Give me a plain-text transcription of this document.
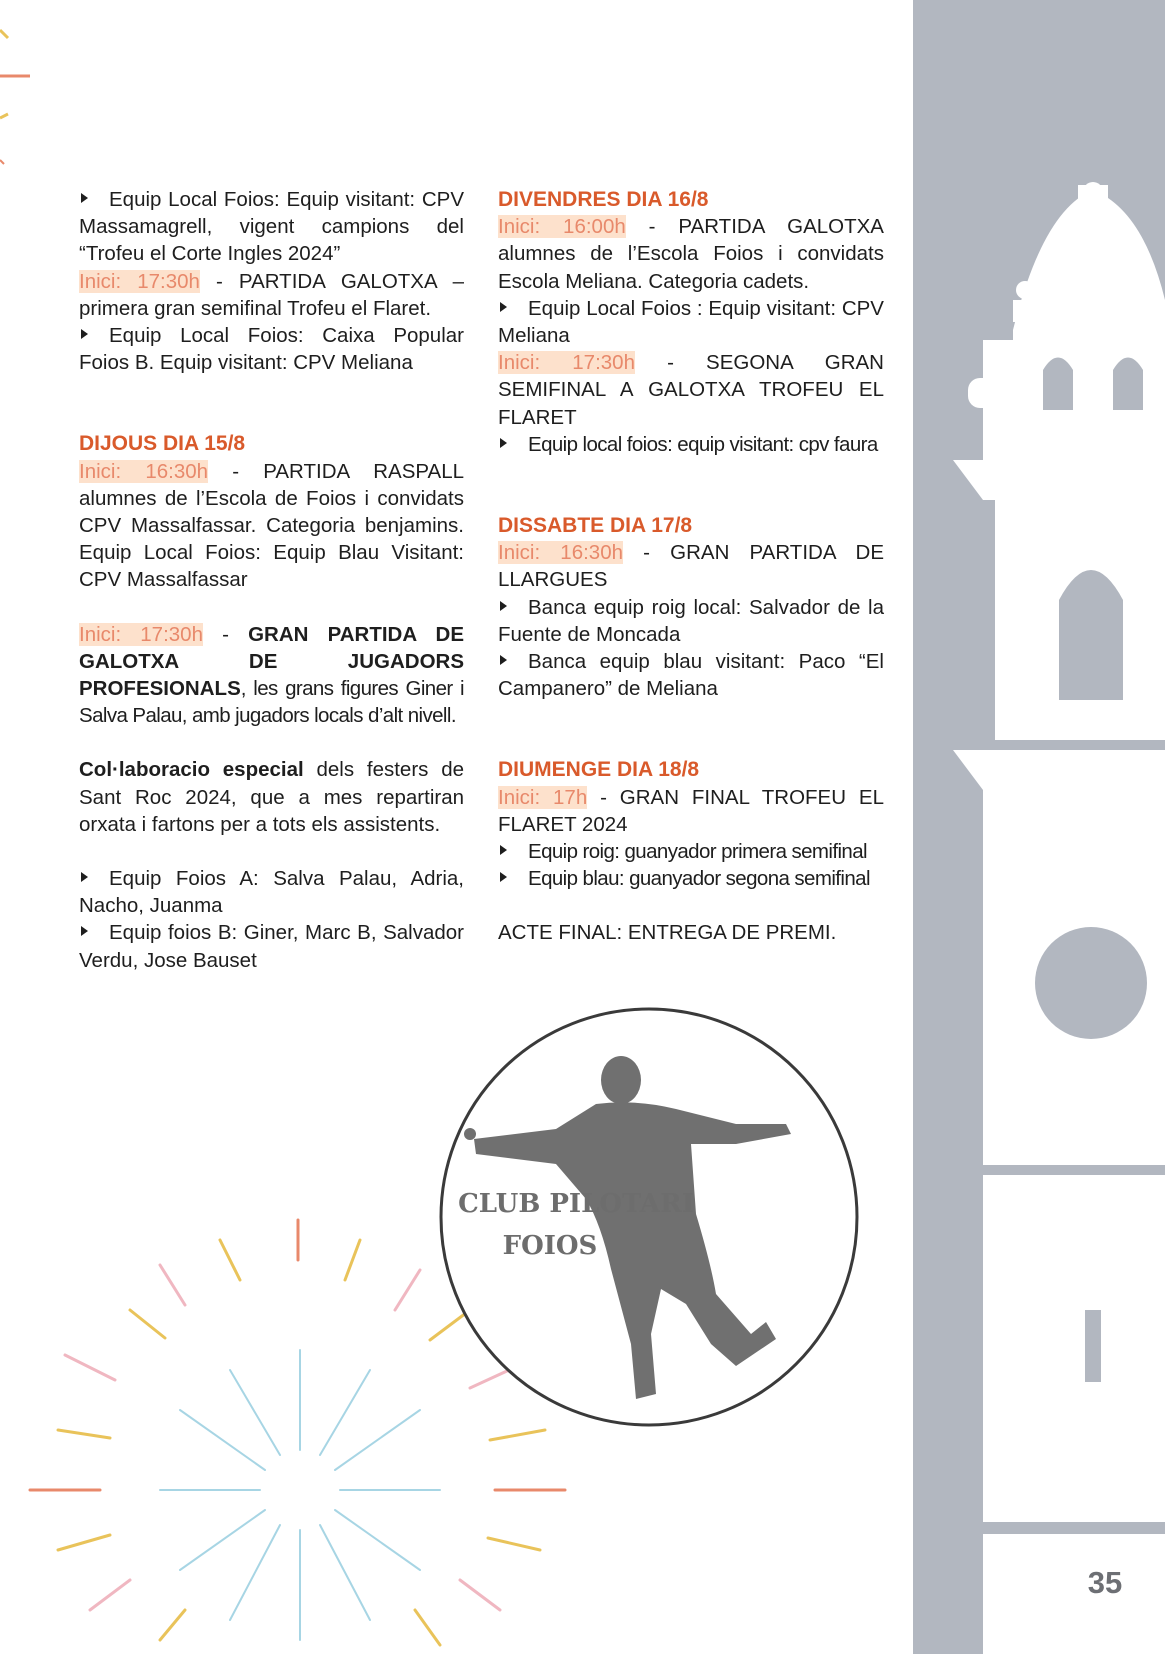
Equip Local Foios: Equip visitant: CPV Massamagrell, vigent campions del “Trofeu el Corte Ingles 2024”

Inici: 17:30h - PARTIDA GALOTXA – primera gran semifinal Trofeu el Flaret.

Equip Local Foios: Caixa Popular Foios B. Equip visitant: CPV Meliana

DIJOUS DIA 15/8

Inici: 16:30h - PARTIDA RASPALL alumnes de l’Escola de Foios i convidats CPV Massalfassar. Categoria benjamins. Equip Local Foios: Equip Blau Visitant: CPV Massalfassar

Inici: 17:30h - GRAN PARTIDA DE GALOTXA DE JUGADORS PROFESIONALS, les grans figures Giner i Salva Palau, amb jugadors locals d’alt nivell.

Col·laboracio especial dels festers de Sant Roc 2024, que a mes repartiran orxata i fartons per a tots els assistents.

Equip Foios A: Salva Palau, Adria, Nacho, Juanma

Equip foios B: Giner, Marc B, Salvador Verdu, Jose Bauset

DIVENDRES DIA 16/8

Inici: 16:00h - PARTIDA GALOTXA alumnes de l’Escola Foios i convidats Escola Meliana. Categoria cadets.

Equip Local Foios : Equip visitant: CPV Meliana

Inici: 17:30h - SEGONA GRAN SEMIFINAL A GALOTXA TROFEU EL FLARET

Equip local foios: equip visitant: cpv faura

DISSABTE DIA 17/8

Inici: 16:30h - GRAN PARTIDA DE LLARGUES

Banca equip roig local: Salvador de la Fuente de Moncada

Banca equip blau visitant: Paco “El Campanero” de Meliana

DIUMENGE DIA 18/8

Inici: 17h - GRAN FINAL TROFEU EL FLARET 2024

Equip roig: guanyador primera semifinal

Equip blau: guanyador segona semifinal

ACTE FINAL: ENTREGA DE PREMI.

35
CLUB PILOTARI
FOIOS
